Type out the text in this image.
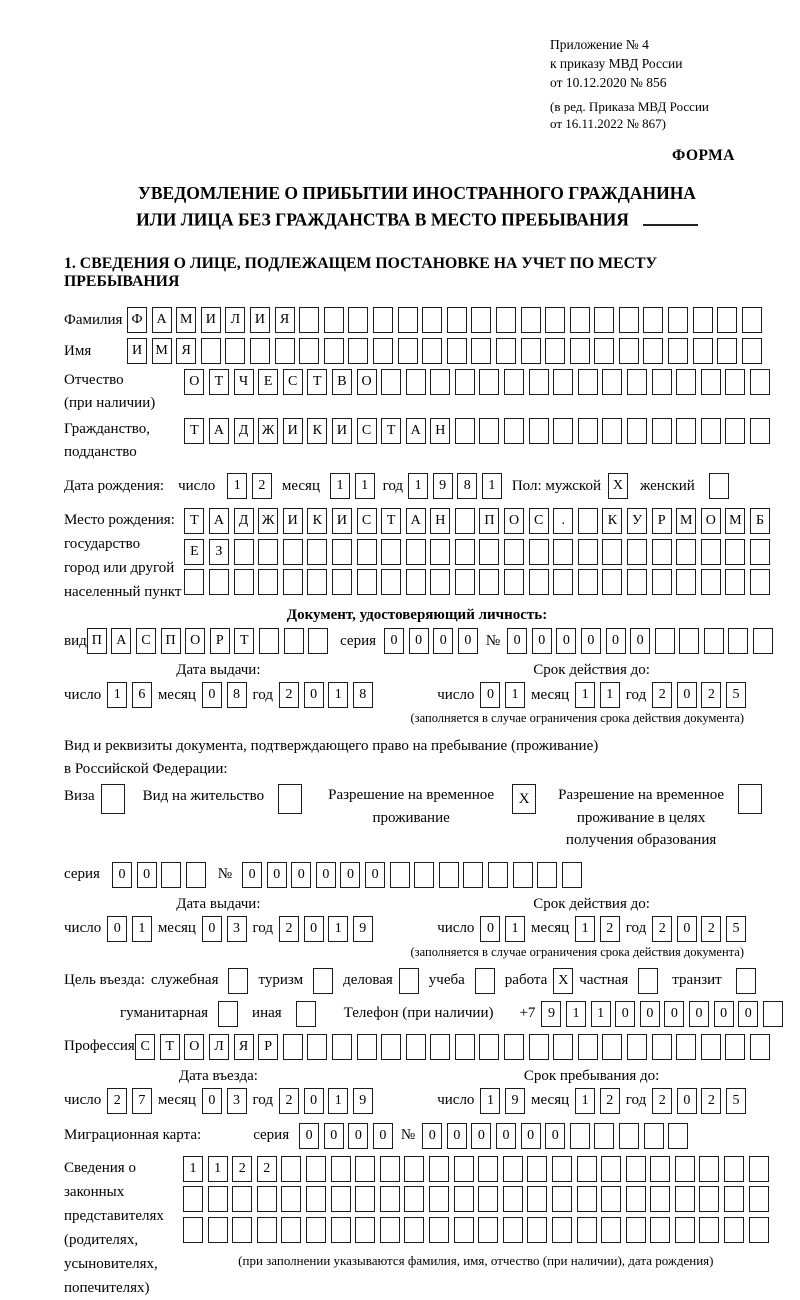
Приложение № 4
к приказу МВД России
от 10.12.2020 № 856
(в ред. Приказа МВД России
от 16.11.2022 № 867)
ФОРМА
УВЕДОМЛЕНИЕ О ПРИБЫТИИ ИНОСТРАННОГО ГРАЖДАНИНА
ИЛИ ЛИЦА БЕЗ ГРАЖДАНСТВА В МЕСТО ПРЕБЫВАНИЯ
1. СВЕДЕНИЯ О ЛИЦЕ, ПОДЛЕЖАЩЕМ ПОСТАНОВКЕ НА УЧЕТ ПО МЕСТУ ПРЕБЫВАНИЯ
Фамилия Ф	А М И	Л	И	Я
Имя	И М Я
Отчество
(при наличии)
О	Т	Ч	Е	С	Т	В	О
Гражданство,
подданство
Т	А	Д Ж И	К	И	С	Т	А	Н
Дата рождения: число	1	2	месяц	1	1 год 1	9	8	1	Пол: мужской X	женский
Место рождения:
государство
город или другой
населенный пункт
Т	А	Д Ж И	К	И	С	Т	А	Н	П	О	С	.	К	У	Р	М О М	Б
Е	З
Документ, удостоверяющий личность:
вид П	А	С	П	О	Р	Т	серия	0	0	0	0 № 0	0	0	0	0	0
Дата выдачи:
число 1	6 месяц 0	8 год 2	0	1	8
Срок действия до:
число 0	1 месяц 1	1 год 2	0	2	5
(заполняется в случае ограничения срока действия документа)
Вид и реквизиты документа, подтверждающего право на пребывание (проживание)
в Российской Федерации:
Виза	Вид на жительство	Разрешение на временное
проживание
X	Разрешение на временное
проживание в целях
получения образования
серия	0	0	№	0	0	0	0	0	0
Дата выдачи:
число 0	1 месяц 0	3 год 2	0	1	9
Срок действия до:
число 0	1 месяц 1	2 год 2	0	2	5
(заполняется в случае ограничения срока действия документа)
Цель въезда: служебная	туризм	деловая учеба	работа X частная	транзит
гуманитарная	иная	Телефон (при наличии) +7 9	1	1	0	0	0	0	0	0
Профессия С	Т	О	Л	Я	Р
Дата въезда:
число 2	7 месяц 0	3 год 2	0	1	9
Срок пребывания до:
число 1	9 месяц 1	2 год 2	0	2	5
Миграционная карта:	серия	0	0	0	0 № 0	0	0	0	0	0
Сведения о
законных
представителях
(родителях,
усыновителях,
попечителях)
1	1	2	2
(при заполнении указываются фамилия, имя, отчество (при наличии), дата рождения)
